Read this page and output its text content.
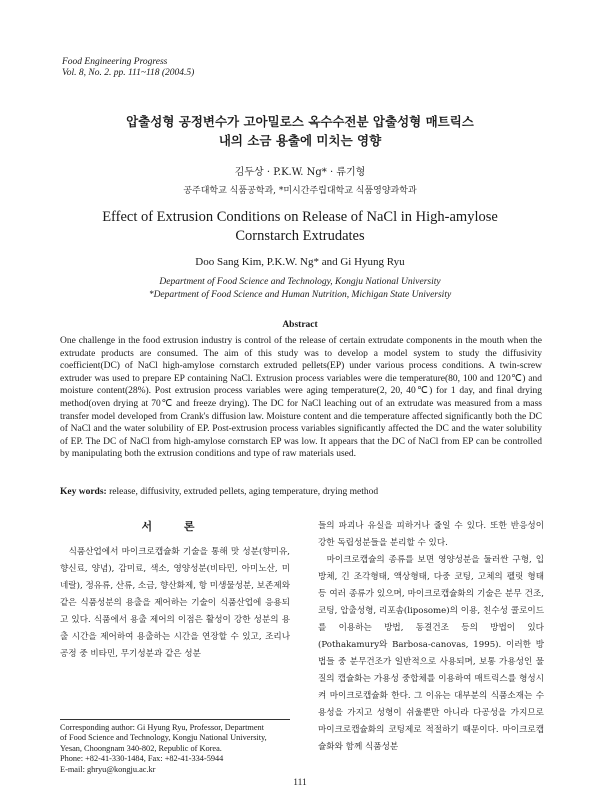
Food Engineering Progress
Vol. 8, No. 2. pp. 111~118 (2004.5)
압출성형 공정변수가 고아밀로스 옥수수전분 압출성형 매트릭스
내의 소금 용출에 미치는 영향
김두상 · P.K.W. Ng* · 류기형
공주대학교 식품공학과, *미시간주립대학교 식품영양과학과
Effect of Extrusion Conditions on Release of NaCl in High-amylose
Cornstarch Extrudates
Doo Sang Kim, P.K.W. Ng* and Gi Hyung Ryu
Department of Food Science and Technology, Kongju National University
*Department of Food Science and Human Nutrition, Michigan State University
Abstract

One challenge in the food extrusion industry is control of the release of certain extrudate components in the mouth when the extrudate products are consumed. The aim of this study was to develop a model system to study the diffusivity coefficient(DC) of NaCl high-amylose cornstarch extruded pellets(EP) under various process conditions. A twin-screw extruder was used to prepare EP containing NaCl. Extrusion process variables were die temperature(80, 100 and 120℃) and moisture content(28%). Post extrusion process variables were aging temperature(2, 20, 40℃) for 1 day, and final drying method(oven drying at 70℃ and freeze drying). The DC for NaCl leaching out of an extrudate was measured from a mass transfer model developed from Crank's diffusion law. Moisture content and die temperature affected significantly both the DC of NaCl and the water solubility of EP. Post-extrusion process variables significantly affected the DC and the water solubility of EP. The DC of NaCl from high-amylose cornstarch EP was low. It appears that the DC of NaCl from EP can be controlled by manipulating both the extrusion conditions and type of raw materials used.

Key words: release, diffusivity, extruded pellets, aging temperature, drying method

서 론

식품산업에서 마이크로캡슐화 기술을 통해 맛 성분(향미유, 향신료, 양념), 감미료, 색소, 영양성분(비타민, 아미노산, 미네랄), 정유류, 산류, 소금, 향산화제, 항 미생물성분, 보존제와 같은 식품성분의 용출을 제어하는 기술이 식품산업에 응용되고 있다. 식품에서 용출 제어의 이점은 활성이 강한 성분의 용출 시간을 제어하여 용출하는 시간을 연장할 수 있고, 조리나 공정 중 비타민, 무기성분과 같은 성분

들의 파괴나 유실을 피하거나 줄일 수 있다. 또한 반응성이 강한 독립성분들을 분리할 수 있다.

마이크로캡슐의 종류를 보면 영양성분을 둘러싼 구형, 입방체, 긴 조각형태, 액상형태, 다중 코팅, 고체의 펠릿 형태 등 여러 종류가 있으며, 마이크로캡슐화의 기술은 분무 건조, 코팅, 압출성형, 리포솜(liposome)의 이용, 친수성 콜로이드를 이용하는 방법, 동결건조 등의 방법이 있다(Pothakamury와 Barbosa-canovas, 1995). 이러한 방법들 중 분무건조가 일반적으로 사용되며, 보통 가용성인 물질의 캡슐화는 가용성 중합체를 이용하여 매트릭스를 형성시켜 마이크로캡슐화 한다. 그 이유는 대부분의 식품소재는 수용성을 가지고 성형이 쉬울뿐만 아니라 다공성을 가지므로 마이크로캡슐화의 코팅제로 적절하기 때문이다. 마이크로캡슐화와 함께 식품성분

Corresponding author: Gi Hyung Ryu, Professor, Department
of Food Science and Technology, Kongju National University,
Yesan, Choongnam 340-802, Republic of Korea.
Phone: +82-41-330-1484, Fax: +82-41-334-5944
E-mail: ghryu@kongju.ac.kr
111
